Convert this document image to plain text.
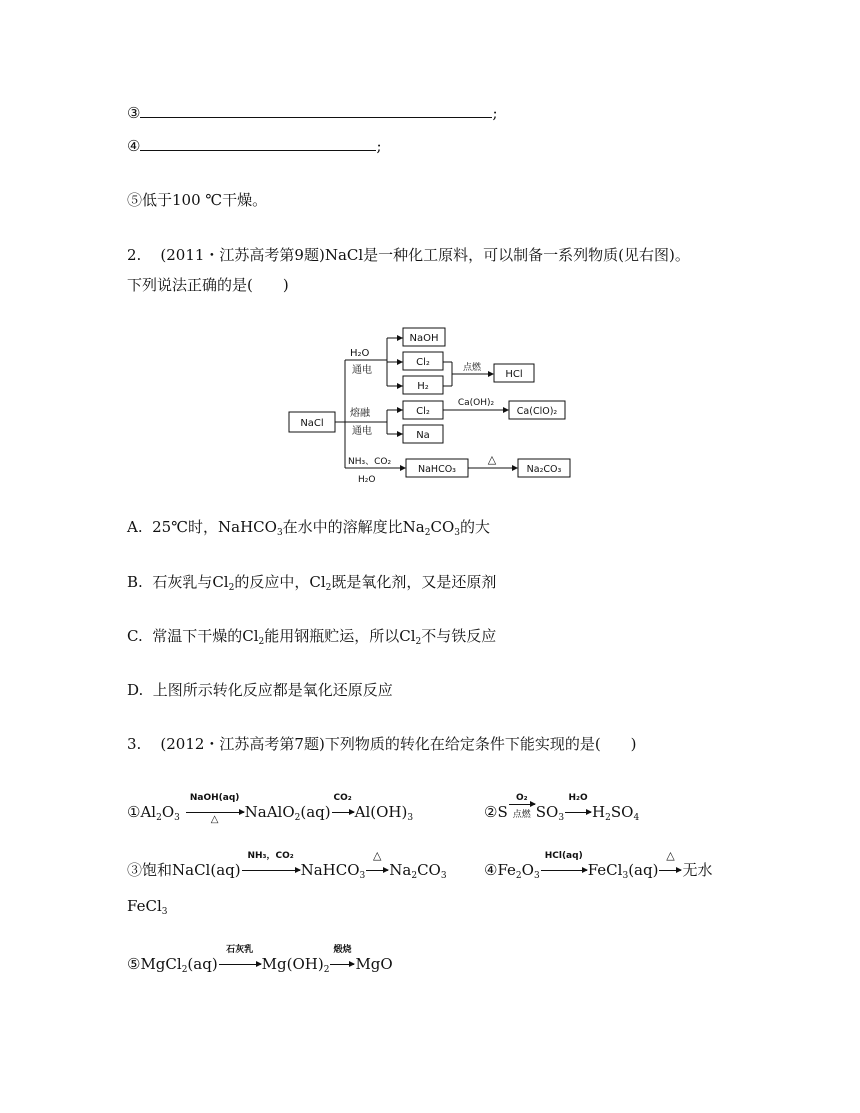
③	;
④	;
⑤低于100 ℃干燥。
2. (2011・江苏高考第9题)NaCl是一种化工原料，可以制备一系列物质(见右图)。
下列说法正确的是(　　)
NaCl
H₂O
通电
熔融
通电
NH₃、CO₂
H₂O
NaOH
Cl₂
H₂
点燃
HCl
Cl₂
Ca(OH)₂
Ca(ClO)₂
Na
NaHCO₃
△
Na₂CO₃
A.  25℃时，NaHCO$_3$在水中的溶解度比$Na_2CO_3$的大
B.  石灰乳与$Cl_2$的反应中，$Cl_2$既是氧化剂，又是还原剂
C.  常温下干燥的$Cl_2$能用钢瓶贮运，所以$Cl_2$不与铁反应
D.  上图所示转化反应都是氧化还原反应
3. (2012・江苏高考第7题)下列物质的转化在给定条件下能实现的是(　　)
$①Al_2O_3$
NaOH(aq)
△	NaAlO$_2$(aq)
CO₂
$Al(OH)_3$	②S
O₂
点燃 $SO_3$
H₂O
$H_2SO_4$
③饱和NaCl(aq)
NH₃，CO₂
NaHCO$_3$
△
$Na_2CO_3$ $④Fe_2O_3$
HCl(aq)
FeCl$_3$(aq)
△
无水
FeCl$_3$
⑤MgCl$_2$(aq)
石灰乳
$Mg(OH)_2$
煅烧
MgO
